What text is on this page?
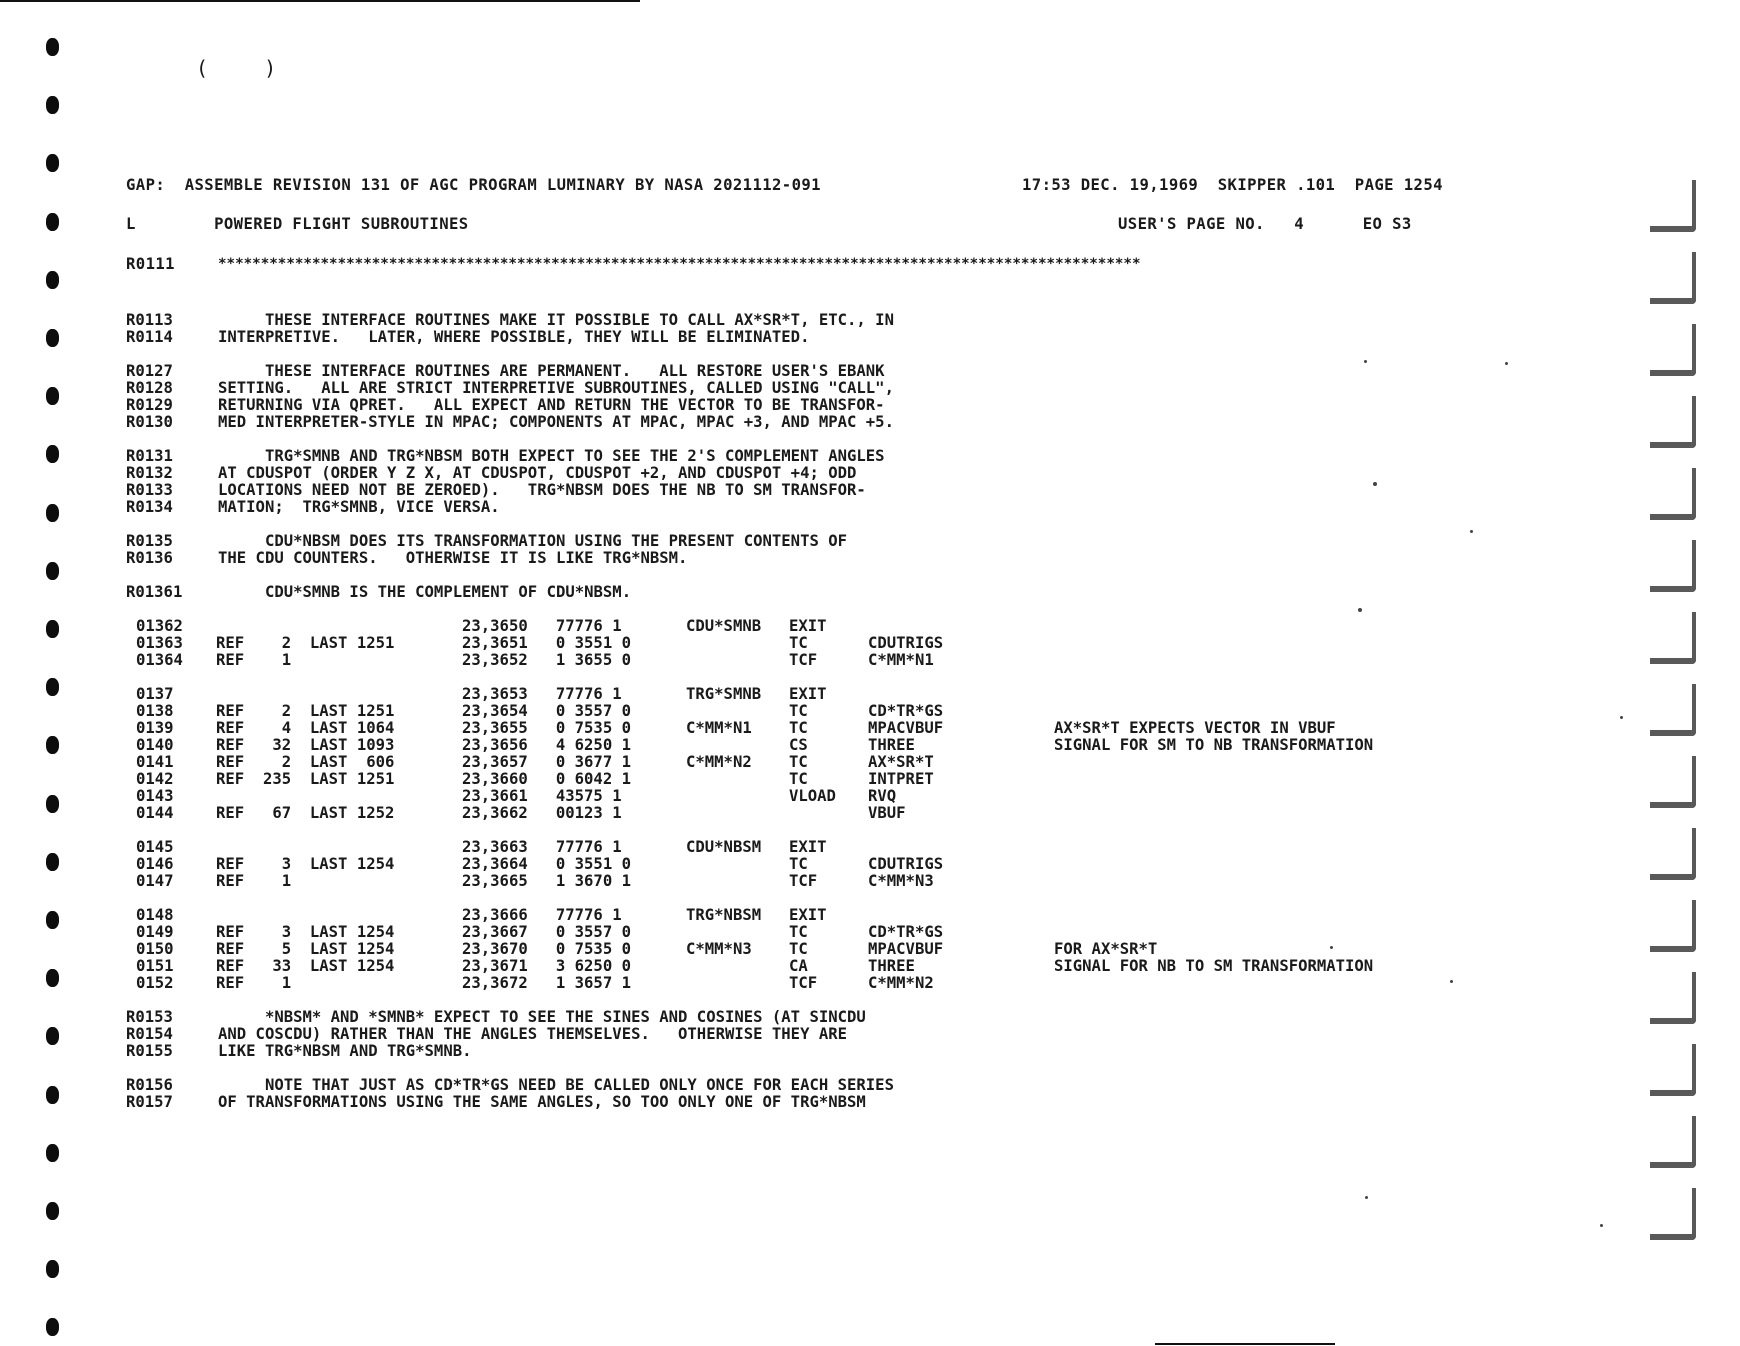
( )
GAP:  ASSEMBLE REVISION 131 OF AGC PROGRAM LUMINARY BY NASA 2021112-091	17:53 DEC. 19,1969  SKIPPER .101  PAGE 1254
L        POWERED FLIGHT SUBROUTINES	USER'S PAGE NO.   4      EO S3
R0111	************************************************************************************************************
R0113	THESE INTERFACE ROUTINES MAKE IT POSSIBLE TO CALL AX*SR*T, ETC., IN
R0114	INTERPRETIVE.   LATER, WHERE POSSIBLE, THEY WILL BE ELIMINATED.
R0127	THESE INTERFACE ROUTINES ARE PERMANENT.   ALL RESTORE USER'S EBANK
R0128	SETTING.   ALL ARE STRICT INTERPRETIVE SUBROUTINES, CALLED USING "CALL",
R0129	RETURNING VIA QPRET.   ALL EXPECT AND RETURN THE VECTOR TO BE TRANSFOR-
R0130	MED INTERPRETER-STYLE IN MPAC; COMPONENTS AT MPAC, MPAC +3, AND MPAC +5.
R0131	TRG*SMNB AND TRG*NBSM BOTH EXPECT TO SEE THE 2'S COMPLEMENT ANGLES
R0132	AT CDUSPOT (ORDER Y Z X, AT CDUSPOT, CDUSPOT +2, AND CDUSPOT +4; ODD
R0133	LOCATIONS NEED NOT BE ZEROED).   TRG*NBSM DOES THE NB TO SM TRANSFOR-
R0134	MATION;  TRG*SMNB, VICE VERSA.
R0135	CDU*NBSM DOES ITS TRANSFORMATION USING THE PRESENT CONTENTS OF
R0136	THE CDU COUNTERS.   OTHERWISE IT IS LIKE TRG*NBSM.
R01361 CDU*SMNB IS THE COMPLEMENT OF CDU*NBSM.
01362	23,3650   77776 1	CDU*SMNB EXIT
01363 REF    2  LAST 1251	23,3651   0 3551 0	TC	CDUTRIGS
01364 REF    1	23,3652   1 3655 0	TCF	C*MM*N1
0137	23,3653   77776 1	TRG*SMNB EXIT
0138	REF    2  LAST 1251	23,3654   0 3557 0	TC	CD*TR*GS
0139	REF    4  LAST 1064	23,3655   0 7535 0	C*MM*N1 TC	MPACVBUF	AX*SR*T EXPECTS VECTOR IN VBUF
0140	REF   32  LAST 1093	23,3656   4 6250 1	CS	THREE	SIGNAL FOR SM TO NB TRANSFORMATION
0141	REF    2  LAST  606	23,3657   0 3677 1	C*MM*N2 TC	AX*SR*T
0142	REF  235  LAST 1251	23,3660   0 6042 1	TC	INTPRET
0143	23,3661   43575 1	VLOAD RVQ
0144	REF   67  LAST 1252	23,3662   00123 1	VBUF
0145	23,3663   77776 1	CDU*NBSM EXIT
0146	REF    3  LAST 1254	23,3664   0 3551 0	TC	CDUTRIGS
0147	REF    1	23,3665   1 3670 1	TCF	C*MM*N3
0148	23,3666   77776 1	TRG*NBSM EXIT
0149	REF    3  LAST 1254	23,3667   0 3557 0	TC	CD*TR*GS
0150	REF    5  LAST 1254	23,3670   0 7535 0	C*MM*N3 TC	MPACVBUF	FOR AX*SR*T
0151	REF   33  LAST 1254	23,3671   3 6250 0	CA	THREE	SIGNAL FOR NB TO SM TRANSFORMATION
0152	REF    1	23,3672   1 3657 1	TCF	C*MM*N2
R0153	*NBSM* AND *SMNB* EXPECT TO SEE THE SINES AND COSINES (AT SINCDU
R0154	AND COSCDU) RATHER THAN THE ANGLES THEMSELVES.   OTHERWISE THEY ARE
R0155	LIKE TRG*NBSM AND TRG*SMNB.
R0156	NOTE THAT JUST AS CD*TR*GS NEED BE CALLED ONLY ONCE FOR EACH SERIES
R0157	OF TRANSFORMATIONS USING THE SAME ANGLES, SO TOO ONLY ONE OF TRG*NBSM
